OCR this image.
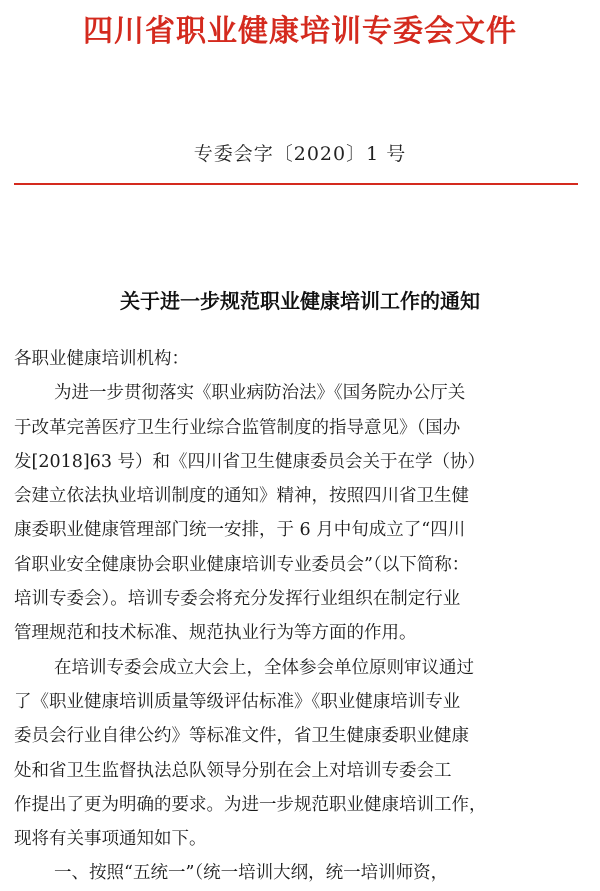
四川省职业健康培训专委会文件
专委会字〔2020〕1 号
关于进一步规范职业健康培训工作的通知
各职业健康培训机构：
为进一步贯彻落实《职业病防治法》《国务院办公厅关
于改革完善医疗卫生行业综合监管制度的指导意见》（国办
发[2018]63 号）和《四川省卫生健康委员会关于在学（协）
会建立依法执业培训制度的通知》精神，按照四川省卫生健
康委职业健康管理部门统一安排，于 6 月中旬成立了“四川
省职业安全健康协会职业健康培训专业委员会”（以下简称：
培训专委会）。培训专委会将充分发挥行业组织在制定行业
管理规范和技术标准、规范执业行为等方面的作用。
在培训专委会成立大会上，全体参会单位原则审议通过
了《职业健康培训质量等级评估标准》《职业健康培训专业
委员会行业自律公约》等标准文件，省卫生健康委职业健康
处和省卫生监督执法总队领导分别在会上对培训专委会工
作提出了更为明确的要求。为进一步规范职业健康培训工作，
现将有关事项通知如下。
一、按照“五统一”（统一培训大纲，统一培训师资，
